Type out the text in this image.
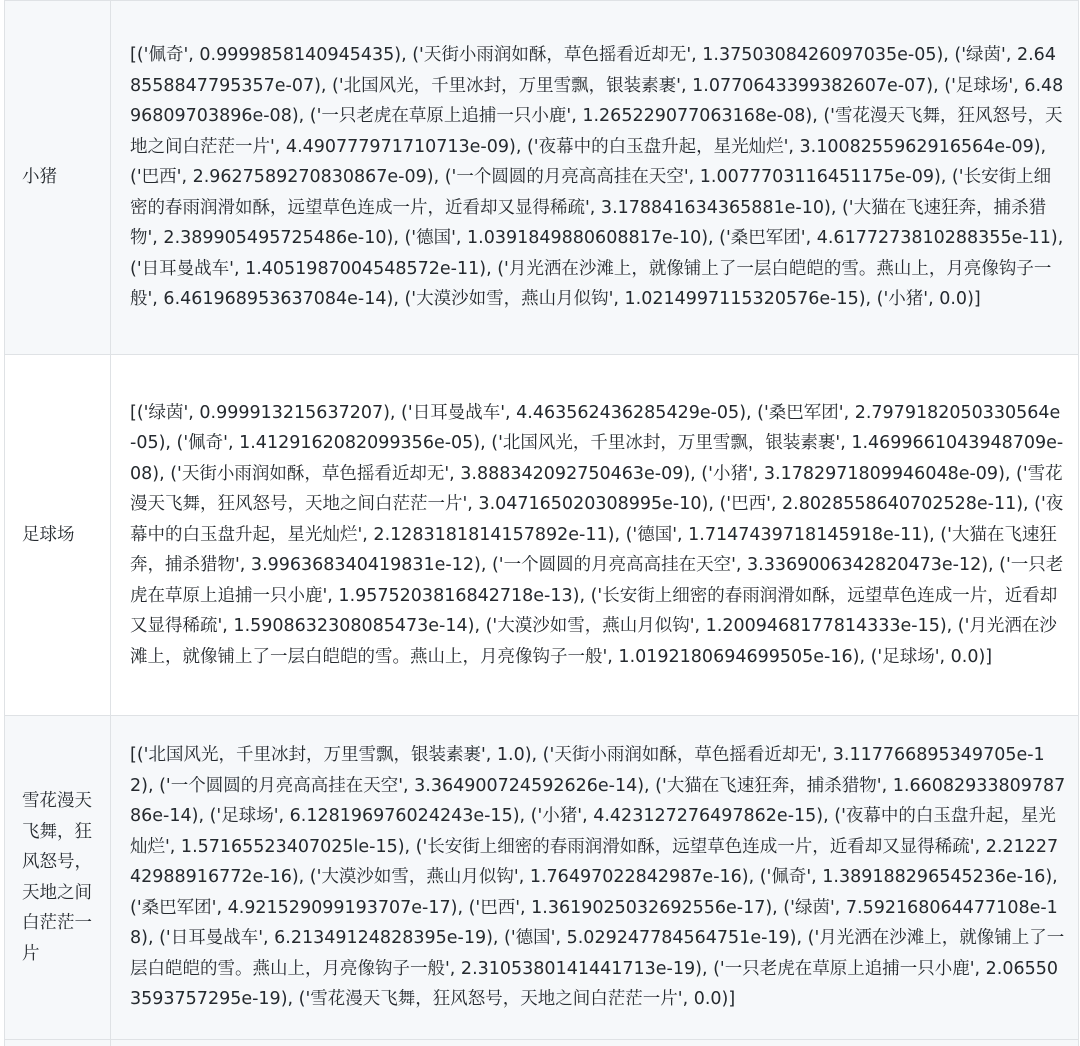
小猪	[('佩奇', 0.9999858140945435), ('天街小雨润如酥，草色摇看近却无', 1.3750308426097035e-05), ('绿茵', 2.648558847795357e-07), ('北国风光，千里冰封，万里雪飘，银装素裹', 1.0770643399382607e-07), ('足球场', 6.4896809703896e-08), ('一只老虎在草原上追捕一只小鹿', 1.265229077063168e-08), ('雪花漫天飞舞，狂风怒号，天地之间白茫茫一片', 4.490777971710713e-09), ('夜幕中的白玉盘升起，星光灿烂', 3.1008255962916564e-09), ('巴西', 2.9627589270830867e-09), ('一个圆圆的月亮高高挂在天空', 1.0077703116451175e-09), ('长安街上细密的春雨润滑如酥，远望草色连成一片，近看却又显得稀疏', 3.178841634365881e-10), ('大猫在飞速狂奔，捕杀猎物', 2.389905495725486e-10), ('德国', 1.0391849880608817e-10), ('桑巴军团', 4.6177273810288355e-11), ('日耳曼战车', 1.4051987004548572e-11), ('月光洒在沙滩上，就像铺上了一层白皑皑的雪。燕山上，月亮像钩子一般', 6.461968953637084e-14), ('大漠沙如雪，燕山月似钩', 1.0214997115320576e-15), ('小猪', 0.0)]
足球场	[('绿茵', 0.999913215637207), ('日耳曼战车', 4.463562436285429e-05), ('桑巴军团', 2.7979182050330564e-05), ('佩奇', 1.4129162082099356e-05), ('北国风光，千里冰封，万里雪飘，银装素裹', 1.4699661043948709e-08), ('天街小雨润如酥，草色摇看近却无', 3.888342092750463e-09), ('小猪', 3.1782971809946048e-09), ('雪花漫天飞舞，狂风怒号，天地之间白茫茫一片', 3.047165020308995e-10), ('巴西', 2.8028558640702528e-11), ('夜幕中的白玉盘升起，星光灿烂', 2.1283181814157892e-11), ('德国', 1.7147439718145918e-11), ('大猫在飞速狂奔，捕杀猎物', 3.996368340419831e-12), ('一个圆圆的月亮高高挂在天空', 3.3369006342820473e-12), ('一只老虎在草原上追捕一只小鹿', 1.9575203816842718e-13), ('长安街上细密的春雨润滑如酥，远望草色连成一片，近看却又显得稀疏', 1.5908632308085473e-14), ('大漠沙如雪，燕山月似钩', 1.2009468177814333e-15), ('月光洒在沙滩上，就像铺上了一层白皑皑的雪。燕山上，月亮像钩子一般', 1.0192180694699505e-16), ('足球场', 0.0)]
雪花漫天飞舞，狂风怒号，天地之间白茫茫一片	[('北国风光，千里冰封，万里雪飘，银装素裹', 1.0), ('天街小雨润如酥，草色摇看近却无', 3.117766895349705e-12), ('一个圆圆的月亮高高挂在天空', 3.364900724592626e-14), ('大猫在飞速狂奔，捕杀猎物', 1.6608293380978786e-14), ('足球场', 6.128196976024243e-15), ('小猪', 4.423127276497862e-15), ('夜幕中的白玉盘升起，星光灿烂', 1.57165523407025le-15), ('长安街上细密的春雨润滑如酥，远望草色连成一片，近看却又显得稀疏', 2.212274298891677​2e-16), ('大漠沙如雪，燕山月似钩', 1.76497022842987e-16), ('佩奇', 1.389188296545236e-16), ('桑巴军团', 4.921529099193707e-17), ('巴西', 1.3619025032692556e-17), ('绿茵', 7.592168064477108e-18), ('日耳曼战车', 6.21349124828395e-19), ('德国', 5.029247784564751e-19), ('月光洒在沙滩上，就像铺上了一层白皑皑的雪。燕山上，月亮像钩子一般', 2.3105380141441713e-19), ('一只老虎在草原上追捕一只小鹿', 2.065503593757295e-19), ('雪花漫天飞舞，狂风怒号，天地之间白茫茫一片', 0.0)]
